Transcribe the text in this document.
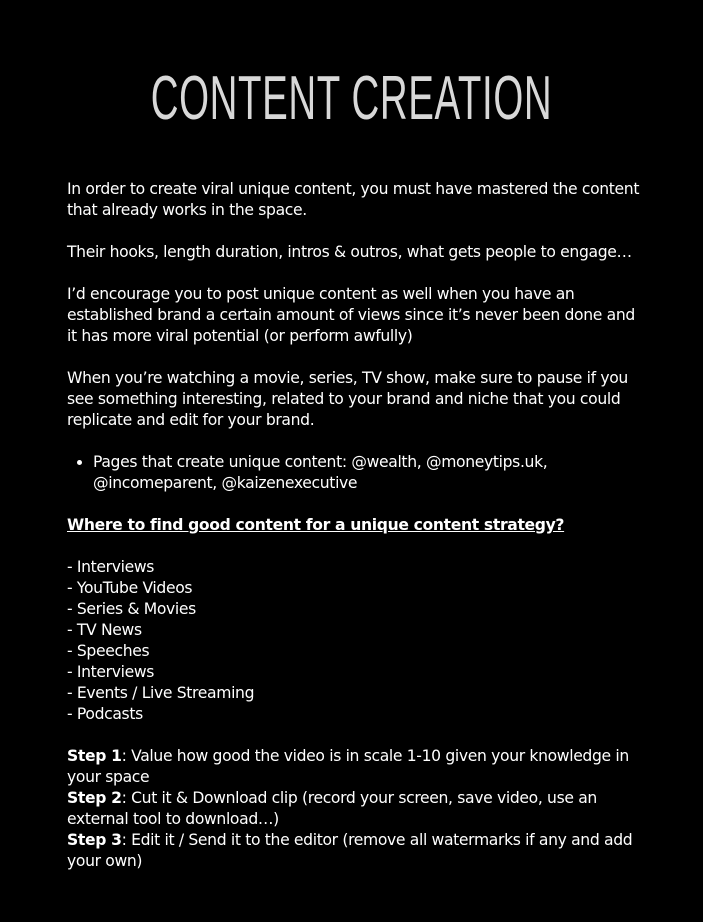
CONTENT CREATION

In order to create viral unique content, you must have mastered the content that already works in the space.

Their hooks, length duration, intros & outros, what gets people to engage…

I’d encourage you to post unique content as well when you have an established brand a certain amount of views since it’s never been done and it has more viral potential (or perform awfully)

When you’re watching a movie, series, TV show, make sure to pause if you see something interesting, related to your brand and niche that you could replicate and edit for your brand.

• Pages that create unique content: @wealth, @moneytips.uk, @incomeparent, @kaizenexecutive

Where to find good content for a unique content strategy?

- Interviews

- YouTube Videos

- Series & Movies

- TV News

- Speeches

- Interviews

- Events / Live Streaming

- Podcasts

Step 1: Value how good the video is in scale 1-10 given your knowledge in your space

Step 2: Cut it & Download clip (record your screen, save video, use an external tool to download…)

Step 3: Edit it / Send it to the editor (remove all watermarks if any and add your own)
